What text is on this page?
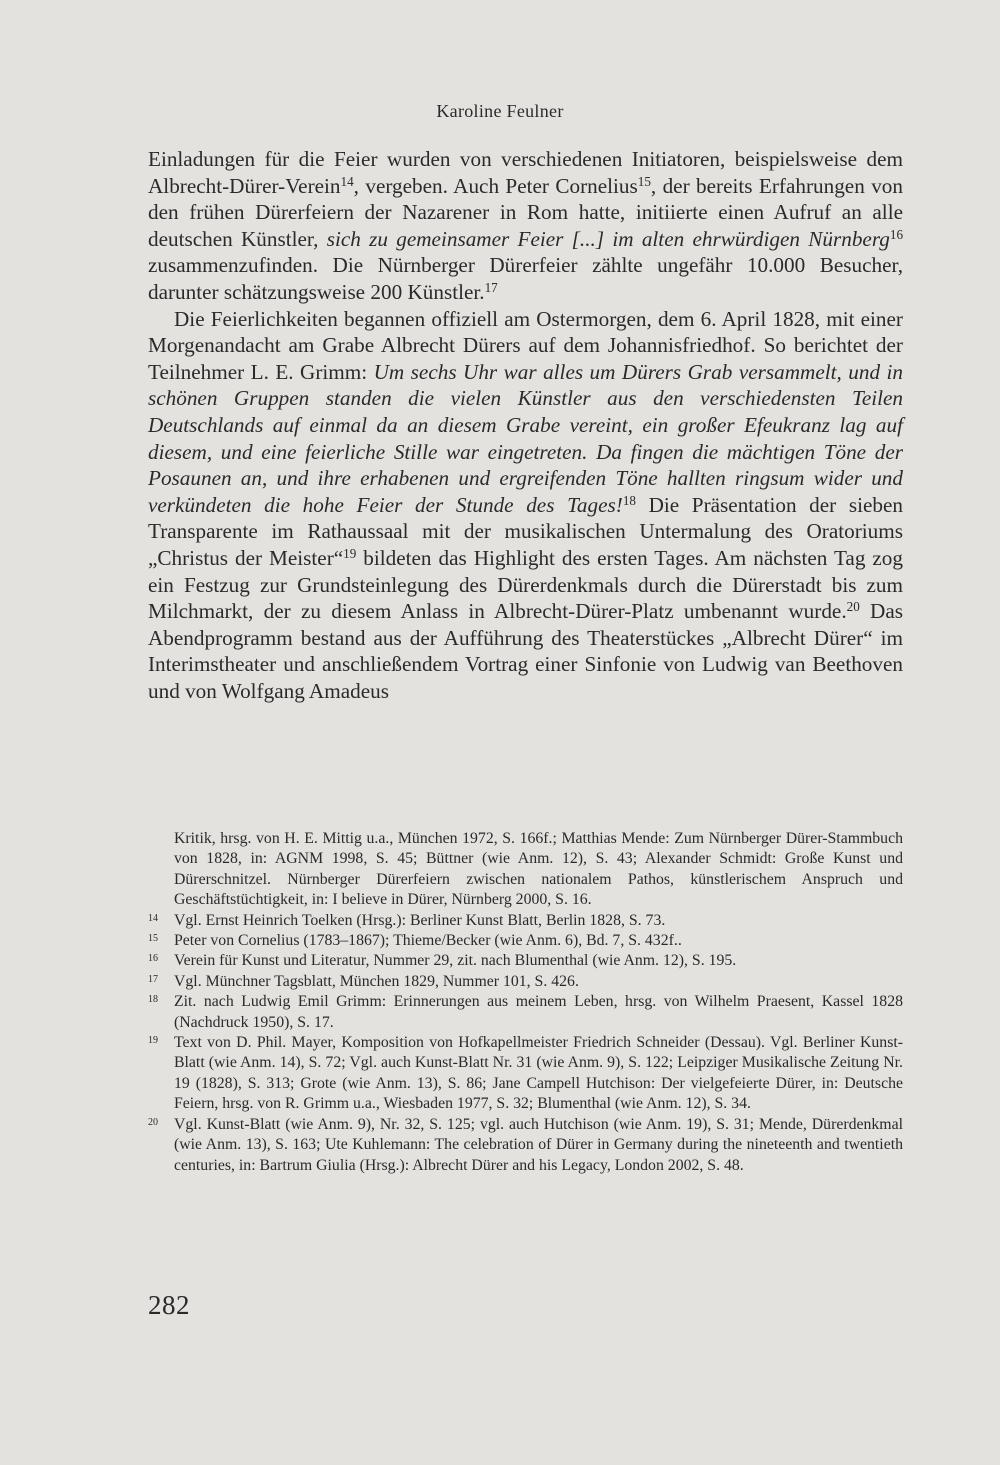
Karoline Feulner

Einladungen für die Feier wurden von verschiedenen Initiatoren, beispielsweise dem Albrecht-Dürer-Verein$^{14}$, vergeben. Auch Peter Cornelius$^{15}$, der bereits Erfahrungen von den frühen Dürerfeiern der Nazarener in Rom hatte, initiierte einen Aufruf an alle deutschen Künstler, sich zu gemeinsamer Feier [...] im alten ehrwürdigen Nürnberg$^{16}$ zusammenzufinden. Die Nürnberger Dürerfeier zählte ungefähr 10.000 Besucher, darunter schätzungsweise 200 Künstler.$^{17}$

Die Feierlichkeiten begannen offiziell am Ostermorgen, dem 6. April 1828, mit einer Morgenandacht am Grabe Albrecht Dürers auf dem Johannisfriedhof. So berichtet der Teilnehmer L. E. Grimm: Um sechs Uhr war alles um Dürers Grab versammelt, und in schönen Gruppen standen die vielen Künstler aus den verschiedensten Teilen Deutschlands auf einmal da an diesem Grabe vereint, ein großer Efeukranz lag auf diesem, und eine feierliche Stille war eingetreten. Da fingen die mächtigen Töne der Posaunen an, und ihre erhabenen und ergreifenden Töne hallten ringsum wider und verkündeten die hohe Feier der Stunde des Tages!$^{18}$ Die Präsentation der sieben Transparente im Rathaussaal mit der musikalischen Untermalung des Oratoriums „Christus der Meister“$^{19}$ bildeten das Highlight des ersten Tages. Am nächsten Tag zog ein Festzug zur Grundsteinlegung des Dürerdenkmals durch die Dürerstadt bis zum Milchmarkt, der zu diesem Anlass in Albrecht-Dürer-Platz umbenannt wurde.$^{20}$ Das Abendprogramm bestand aus der Aufführung des Theaterstückes „Albrecht Dürer“ im Interimstheater und anschließendem Vortrag einer Sinfonie von Ludwig van Beethoven und von Wolfgang Amadeus

Kritik, hrsg. von H. E. Mittig u.a., München 1972, S. 166f.; Matthias Mende: Zum Nürnberger Dürer-Stammbuch von 1828, in: AGNM 1998, S. 45; Büttner (wie Anm. 12), S. 43; Alexander Schmidt: Große Kunst und Dürerschnitzel. Nürnberger Dürerfeiern zwischen nationalem Pathos, künstlerischem Anspruch und Geschäftstüchtigkeit, in: I believe in Dürer, Nürnberg 2000, S. 16.
14	Vgl. Ernst Heinrich Toelken (Hrsg.): Berliner Kunst Blatt, Berlin 1828, S. 73.
15	Peter von Cornelius (1783–1867); Thieme/Becker (wie Anm. 6), Bd. 7, S. 432f..
16	Verein für Kunst und Literatur, Nummer 29, zit. nach Blumenthal (wie Anm. 12), S. 195.
17	Vgl. Münchner Tagsblatt, München 1829, Nummer 101, S. 426.
18	Zit. nach Ludwig Emil Grimm: Erinnerungen aus meinem Leben, hrsg. von Wilhelm Praesent, Kassel 1828 (Nachdruck 1950), S. 17.
19	Text von D. Phil. Mayer, Komposition von Hofkapellmeister Friedrich Schneider (Dessau). Vgl. Berliner Kunst-Blatt (wie Anm. 14), S. 72; Vgl. auch Kunst-Blatt Nr. 31 (wie Anm. 9), S. 122; Leipziger Musikalische Zeitung Nr. 19 (1828), S. 313; Grote (wie Anm. 13), S. 86; Jane Campell Hutchison: Der vielgefeierte Dürer, in: Deutsche Feiern, hrsg. von R. Grimm u.a., Wiesbaden 1977, S. 32; Blumenthal (wie Anm. 12), S. 34.
20	Vgl. Kunst-Blatt (wie Anm. 9), Nr. 32, S. 125; vgl. auch Hutchison (wie Anm. 19), S. 31; Mende, Dürerdenkmal (wie Anm. 13), S. 163; Ute Kuhlemann: The celebration of Dürer in Germany during the nineteenth and twentieth centuries, in: Bartrum Giulia (Hrsg.): Albrecht Dürer and his Legacy, London 2002, S. 48.
282
